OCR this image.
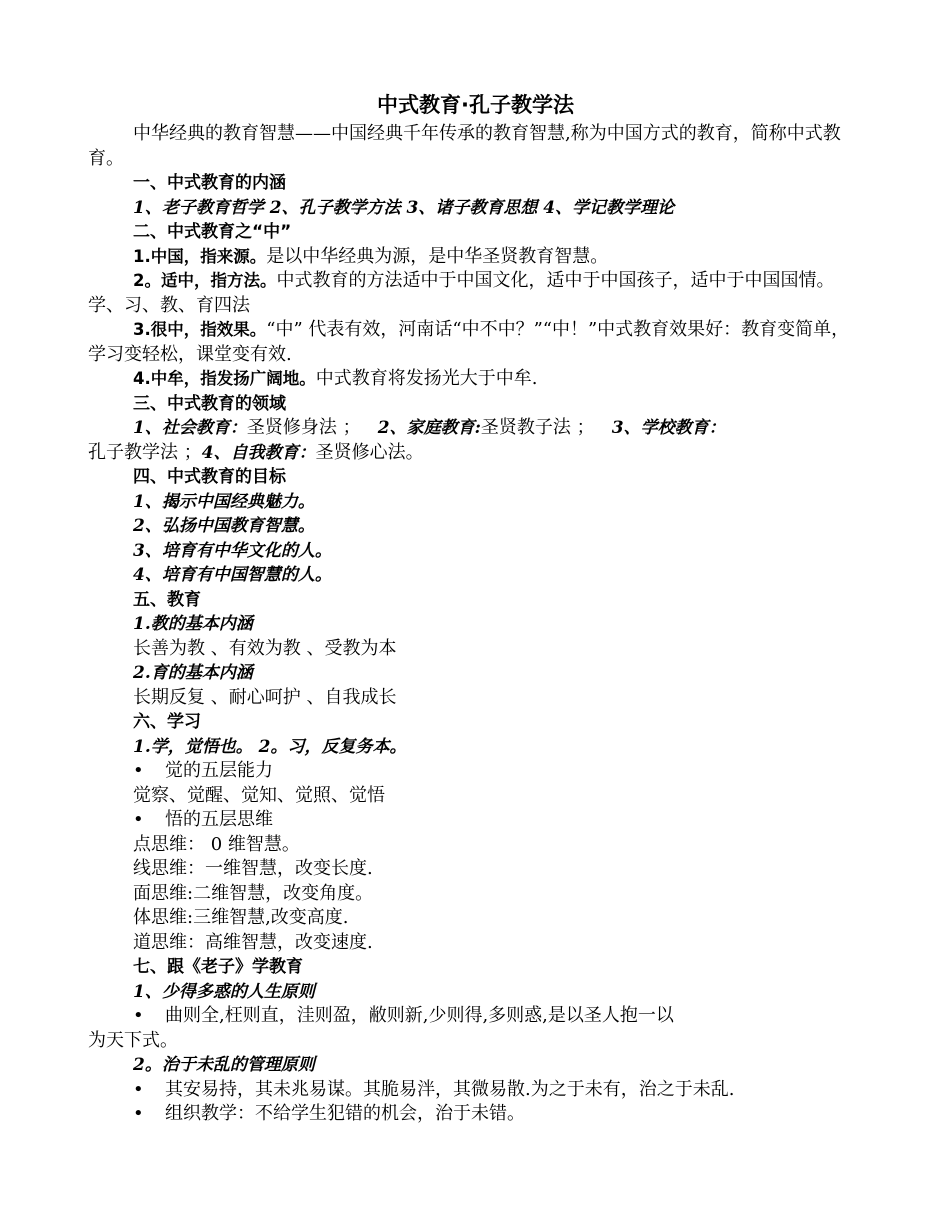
中式教育·孔子教学法
中华经典的教育智慧——中国经典千年传承的教育智慧,称为中国方式的教育，简称中式教育。
一、中式教育的内涵
1、老子教育哲学 2、孔子教学方法 3、诸子教育思想 4、学记教学理论
二、中式教育之“中”
1.中国，指来源。是以中华经典为源，是中华圣贤教育智慧。
2。适中，指方法。中式教育的方法适中于中国文化，适中于中国孩子，适中于中国国情。学、习、教、育四法
3.很中，指效果。“中” 代表有效，河南话“中不中？”“中！”中式教育效果好：教育变简单，学习变轻松，课堂变有效.
4.中牟，指发扬广阔地。中式教育将发扬光大于中牟.
三、中式教育的领域
1、社会教育：圣贤修身法 ； 2、家庭教育:圣贤教子法 ； 3、学校教育：
孔子教学法 ；4、自我教育：圣贤修心法。
四、中式教育的目标
1、揭示中国经典魅力。
2、弘扬中国教育智慧。
3、培育有中华文化的人。
4、培育有中国智慧的人。
五、教育
1.教的基本内涵
长善为教 、有效为教 、受教为本
2.育的基本内涵
长期反复 、耐心呵护 、自我成长
六、学习
1.学，觉悟也。 2。习，反复务本。
• 觉的五层能力
觉察、觉醒、觉知、觉照、觉悟
• 悟的五层思维
点思维： 0 维智慧。
线思维：一维智慧，改变长度.
面思维:二维智慧，改变角度。
体思维:三维智慧,改变高度.
道思维：高维智慧，改变速度.
七、跟《老子》学教育
1、少得多惑的人生原则
• 曲则全,枉则直，洼则盈，敝则新,少则得,多则惑,是以圣人抱一以
为天下式。
2。治于未乱的管理原则
• 其安易持，其未兆易谋。其脆易泮，其微易散.为之于未有，治之于未乱.
• 组织教学：不给学生犯错的机会，治于未错。
